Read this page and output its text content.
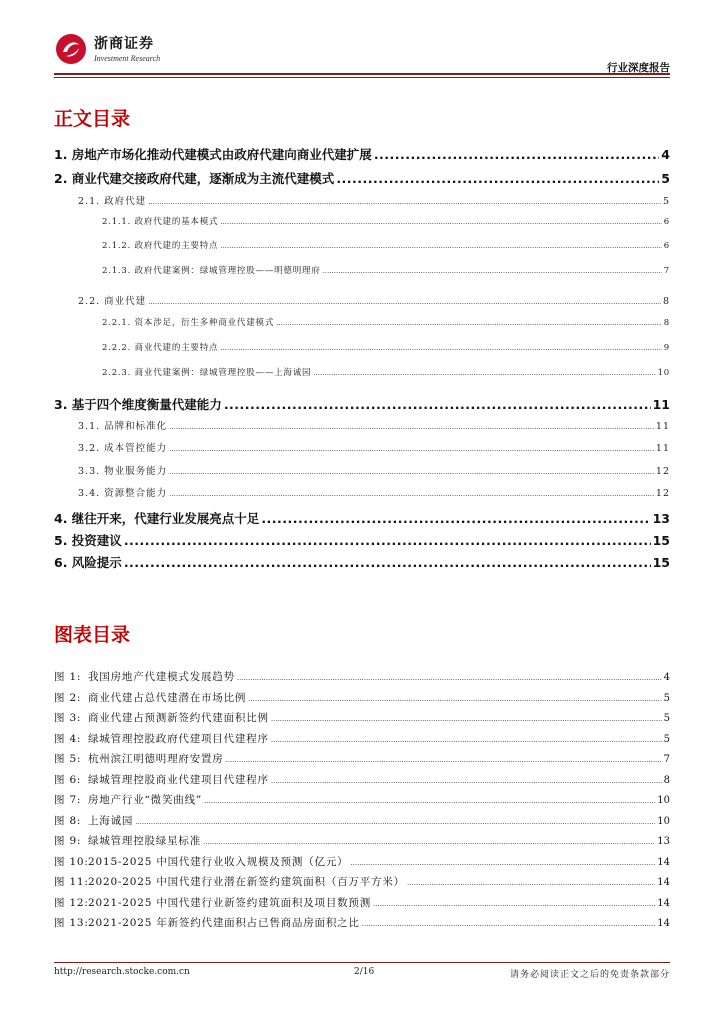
浙商证券
Investment Research
行业深度报告
正文目录
1. 房地产市场化推动代建模式由政府代建向商业代建扩展 .....	4
2. 商业代建交接政府代建，逐渐成为主流代建模式 .....	5
2.1. 政府代建 .....	5
2.1.1. 政府代建的基本模式 .....	6
2.1.2. 政府代建的主要特点 .....	6
2.1.3. 政府代建案例：绿城管理控股——明德明理府 .....	7
2.2. 商业代建 .....	8
2.2.1. 资本涉足，衍生多种商业代建模式 .....	8
2.2.2. 商业代建的主要特点 .....	9
2.2.3. 商业代建案例：绿城管理控股——上海诚园 .....	10
3. 基于四个维度衡量代建能力 .....	11
3.1. 品牌和标准化 .....	11
3.2. 成本管控能力 .....	11
3.3. 物业服务能力 .....	12
3.4. 资源整合能力 .....	12
4. 继往开来，代建行业发展亮点十足 .....	13
5. 投资建议 .....	15
6. 风险提示 .....	15
图表目录
图 1: 我国房地产代建模式发展趋势 .....	4
图 2: 商业代建占总代建潜在市场比例 .....	5
图 3: 商业代建占预测新签约代建面积比例 .....	5
图 4: 绿城管理控股政府代建项目代建程序 .....	5
图 5: 杭州滨江明德明理府安置房 .....	7
图 6: 绿城管理控股商业代建项目代建程序 .....	8
图 7: 房地产行业“微笑曲线” .....	10
图 8: 上海诚园 .....	10
图 9: 绿城管理控股绿星标准 .....	13
图 10: 2015-2025 中国代建行业收入规模及预测（亿元） .....	14
图 11: 2020-2025 中国代建行业潜在新签约建筑面积（百万平方米） .....	14
图 12: 2021-2025 中国代建行业新签约建筑面积及项目数预测 .....	14
图 13: 2021-2025 年新签约代建面积占已售商品房面积之比 .....	14
http://research.stocke.com.cn	2/16	请务必阅读正文之后的免责条款部分
